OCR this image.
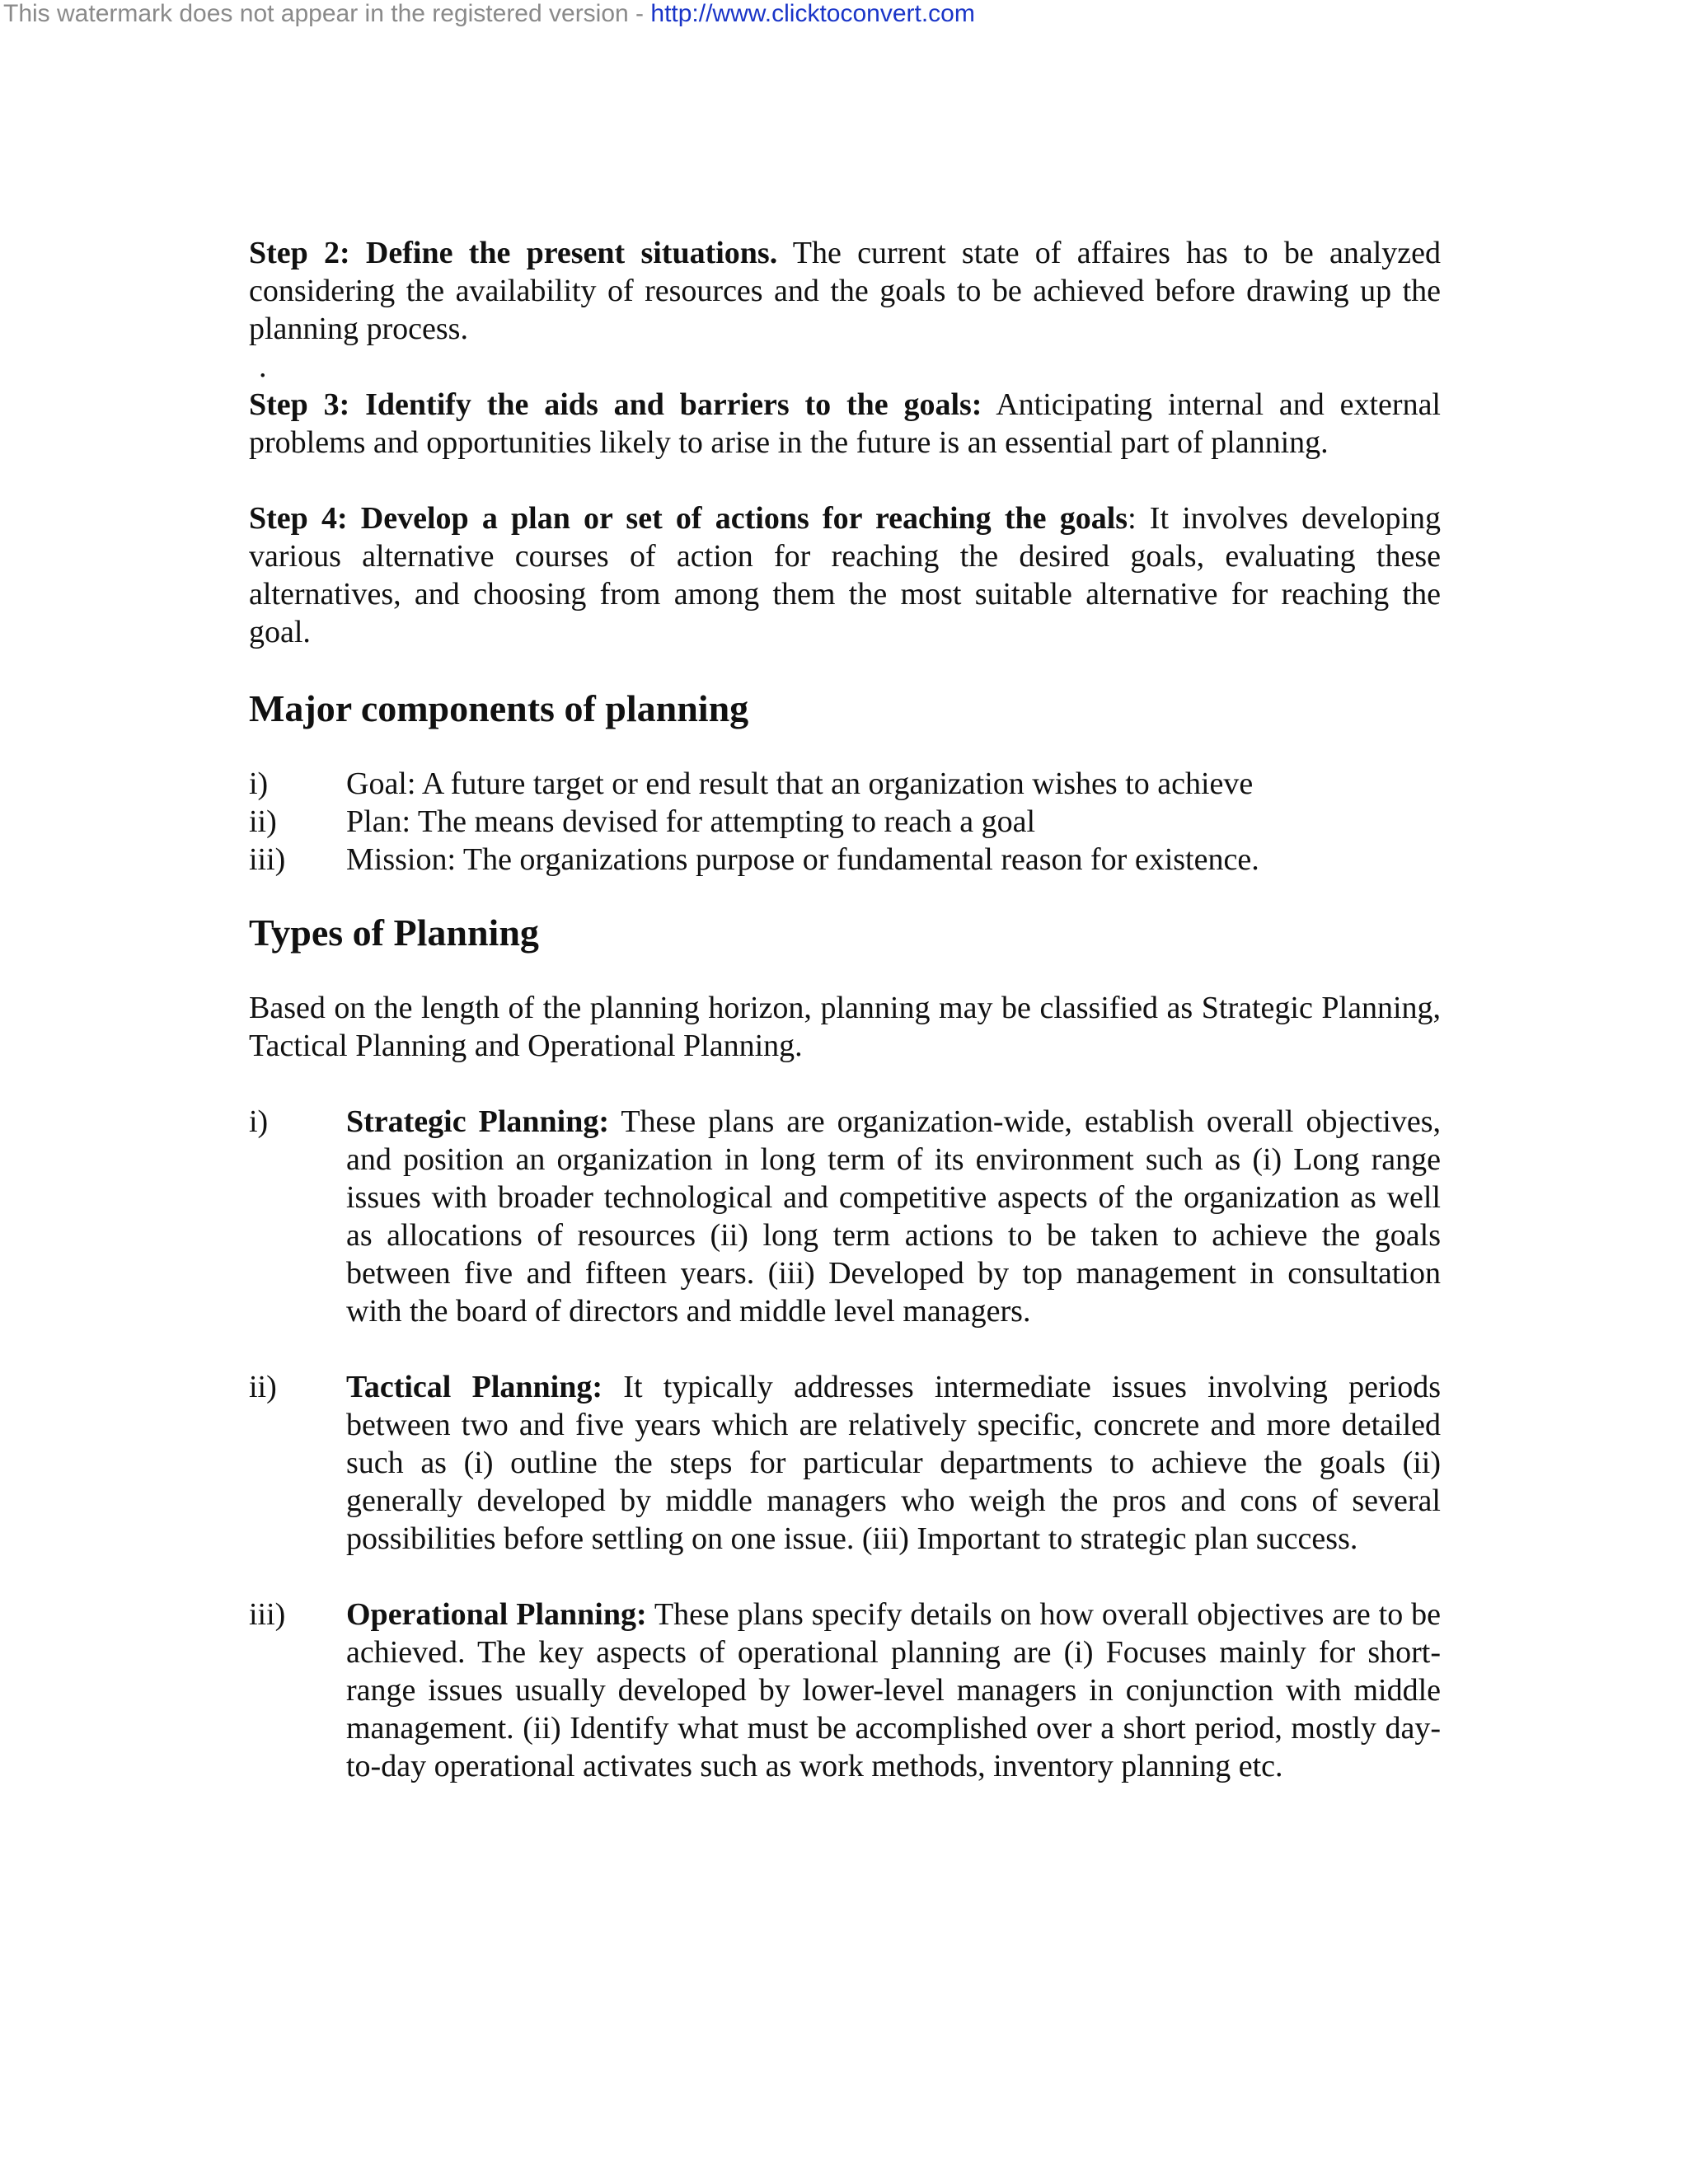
This watermark does not appear in the registered version - http://www.clicktoconvert.com

Step 2: Define the present situations. The current state of affaires has to be analyzed considering the availability of resources and the goals to be achieved before drawing up the planning process.

.

Step 3: Identify the aids and barriers to the goals: Anticipating internal and external problems and opportunities likely to arise in the future is an essential part of planning.

Step 4: Develop a plan or set of actions for reaching the goals: It involves developing various alternative courses of action for reaching the desired goals, evaluating these alternatives, and choosing from among them the most suitable alternative for reaching the goal.

Major components of planning
i)	Goal: A future target or end result that an organization wishes to achieve
ii)	Plan: The means devised for attempting to reach a goal
iii)	Mission: The organizations purpose or fundamental reason for existence.
Types of Planning

Based on the length of the planning horizon, planning may be classified as Strategic Planning, Tactical Planning and Operational Planning.

i)	Strategic Planning: These plans are organization-wide, establish overall objectives, and position an organization in long term of its environment such as (i) Long range issues with broader technological and competitive aspects of the organization as well as allocations of resources (ii) long term actions to be taken to achieve the goals between five and fifteen years. (iii) Developed by top management in consultation with the board of directors and middle level managers.
ii)	Tactical Planning: It typically addresses intermediate issues involving periods between two and five years which are relatively specific, concrete and more detailed such as (i) outline the steps for particular departments to achieve the goals (ii) generally developed by middle managers who weigh the pros and cons of several possibilities before settling on one issue. (iii) Important to strategic plan success.
iii)	Operational Planning: These plans specify details on how overall objectives are to be achieved. The key aspects of operational planning are (i) Focuses mainly for short-range issues usually developed by lower-level managers in conjunction with middle management. (ii) Identify what must be accomplished over a short period, mostly day-to-day operational activates such as work methods, inventory planning etc.
